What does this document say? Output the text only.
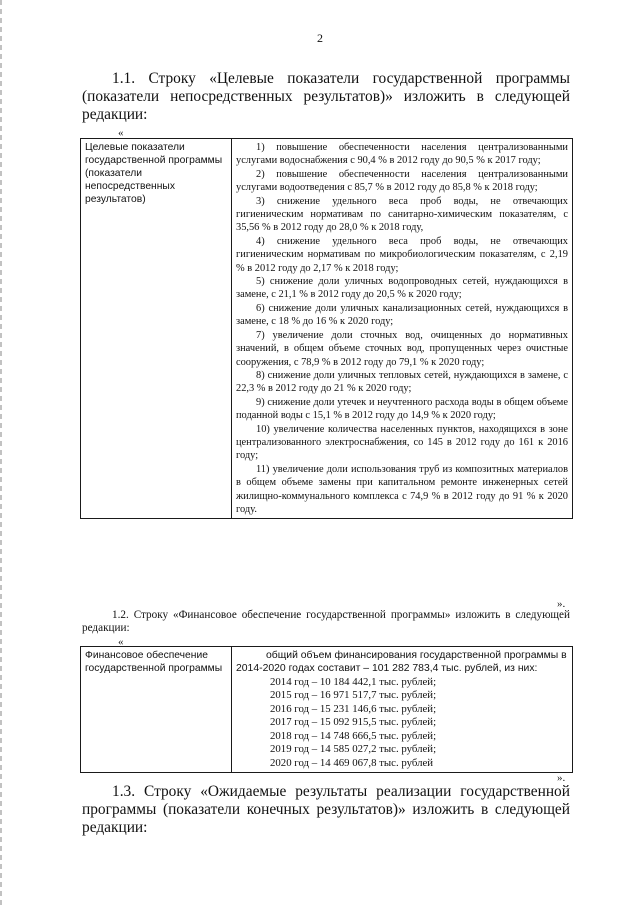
2
1.1. Строку «Целевые показатели государственной программы (показатели непосредственных результатов)» изложить в следующей редакции:
«
Целевые показатели государственной программы (показатели непосредственных результатов)

1) повышение обеспеченности населения централизованными услугами водоснабжения с 90,4 % в 2012 году до 90,5 % к 2017 году;
2) повышение обеспеченности населения централизованными услугами водоотведения с 85,7 % в 2012 году до 85,8 % к 2018 году;
3) снижение удельного веса проб воды, не отвечающих гигиеническим нормативам по санитарно-химическим показателям, с 35,56 % в 2012 году до 28,0 % к 2018 году,
4) снижение удельного веса проб воды, не отвечающих гигиеническим нормативам по микробиологическим показателям, с 2,19 % в 2012 году до 2,17 % к 2018 году;
5) снижение доли уличных водопроводных сетей, нуждающихся в замене, с 21,1 % в 2012 году до 20,5 % к 2020 году;
6) снижение доли уличных канализационных сетей, нуждающихся в замене, с 18 % до 16 % к 2020 году;
7) увеличение доли сточных вод, очищенных до нормативных значений, в общем объеме сточных вод, пропущенных через очистные сооружения, с 78,9 % в 2012 году до 79,1 % к 2020 году;
8) снижение доли уличных тепловых сетей, нуждающихся в замене, с 22,3 % в 2012 году до 21 % к 2020 году;
9) снижение доли утечек и неучтенного расхода воды в общем объеме поданной воды с 15,1 % в 2012 году до 14,9 % к 2020 году;
10) увеличение количества населенных пунктов, находящихся в зоне централизованного электроснабжения, со 145 в 2012 году до 161 к 2016 году;
11) увеличение доли использования труб из композитных материалов в общем объеме замены при капитальном ремонте инженерных сетей жилищно-коммунального комплекса с 74,9 % в 2012 году до 91 % к 2020 году.
».
1.2. Строку «Финансовое обеспечение государственной программы» изложить в следующей редакции:
«
Финансовое обеспечение государственной программы

общий объем финансирования государственной программы в 2014-2020 годах составит – 101 282 783,4 тыс. рублей, из них:
2014 год – 10 184 442,1 тыс. рублей;
2015 год – 16 971 517,7 тыс. рублей;
2016 год – 15 231 146,6 тыс. рублей;
2017 год – 15 092 915,5 тыс. рублей;
2018 год – 14 748 666,5 тыс. рублей;
2019 год – 14 585 027,2 тыс. рублей;
2020 год – 14 469 067,8 тыс. рублей
».
1.3. Строку «Ожидаемые результаты реализации государственной программы (показатели конечных результатов)» изложить в следующей редакции:
